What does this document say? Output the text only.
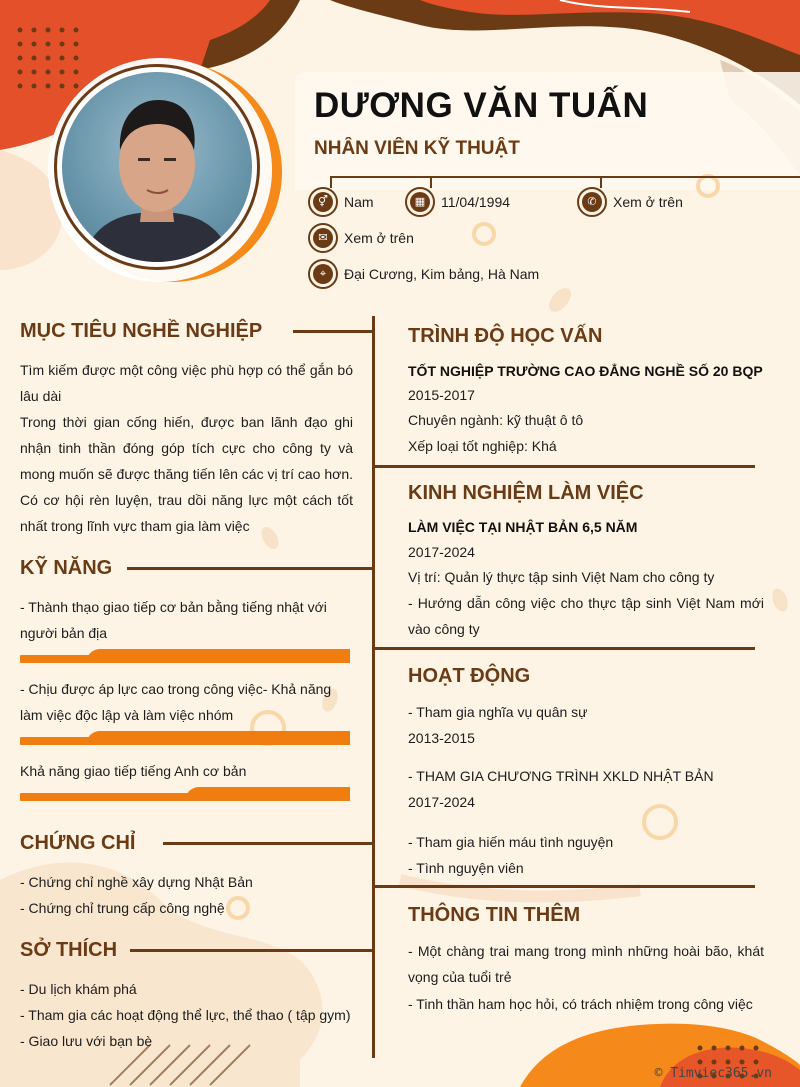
DƯƠNG VĂN TUẤN
NHÂN VIÊN KỸ THUẬT
⚥	Nam	▦	11/04/1994	✆	Xem ở trên
✉	Xem ở trên
⌖	Đại Cương, Kim bảng, Hà Nam
MỤC TIÊU NGHỀ NGHIỆP
Tìm kiếm được một công việc phù hợp có thể gắn bó lâu dài
Trong thời gian cống hiến, được ban lãnh đạo ghi nhận tinh thần đóng góp tích cực cho công ty và mong muốn sẽ được thăng tiến lên các vị trí cao hơn. Có cơ hội rèn luyện, trau dồi năng lực một cách tốt nhất trong lĩnh vực tham gia làm việc
KỸ NĂNG
- Thành thạo giao tiếp cơ bản bằng tiếng nhật với người bản địa
- Chịu được áp lực cao trong công việc- Khả năng làm việc độc lập và làm việc nhóm
Khả năng giao tiếp tiếng Anh cơ bản
CHỨNG CHỈ
- Chứng chỉ nghề xây dựng Nhật Bản
- Chứng chỉ trung cấp công nghệ
SỞ THÍCH
- Du lịch khám phá
- Tham gia các hoạt động thể lực, thể thao ( tập gym)
- Giao lưu với bạn bè
TRÌNH ĐỘ HỌC VẤN
TỐT NGHIỆP TRƯỜNG CAO ĐẲNG NGHỀ SỐ 20 BQP
2015-2017
Chuyên ngành: kỹ thuật ô tô
Xếp loại tốt nghiệp: Khá
KINH NGHIỆM LÀM VIỆC
LÀM VIỆC TẠI NHẬT BẢN 6,5 NĂM
2017-2024
Vị trí: Quản lý thực tập sinh Việt Nam cho công ty
- Hướng dẫn công việc cho thực tập sinh Việt Nam mới vào công ty
HOẠT ĐỘNG
- Tham gia nghĩa vụ quân sự
2013-2015
- THAM GIA CHƯƠNG TRÌNH XKLD NHẬT BẢN
2017-2024
- Tham gia hiến máu tình nguyện
- Tình nguyện viên
THÔNG TIN THÊM
- Một chàng trai mang trong mình những hoài bão, khát vọng của tuổi trẻ
- Tinh thần ham học hỏi, có trách nhiệm trong công việc
© Timviec365.vn
